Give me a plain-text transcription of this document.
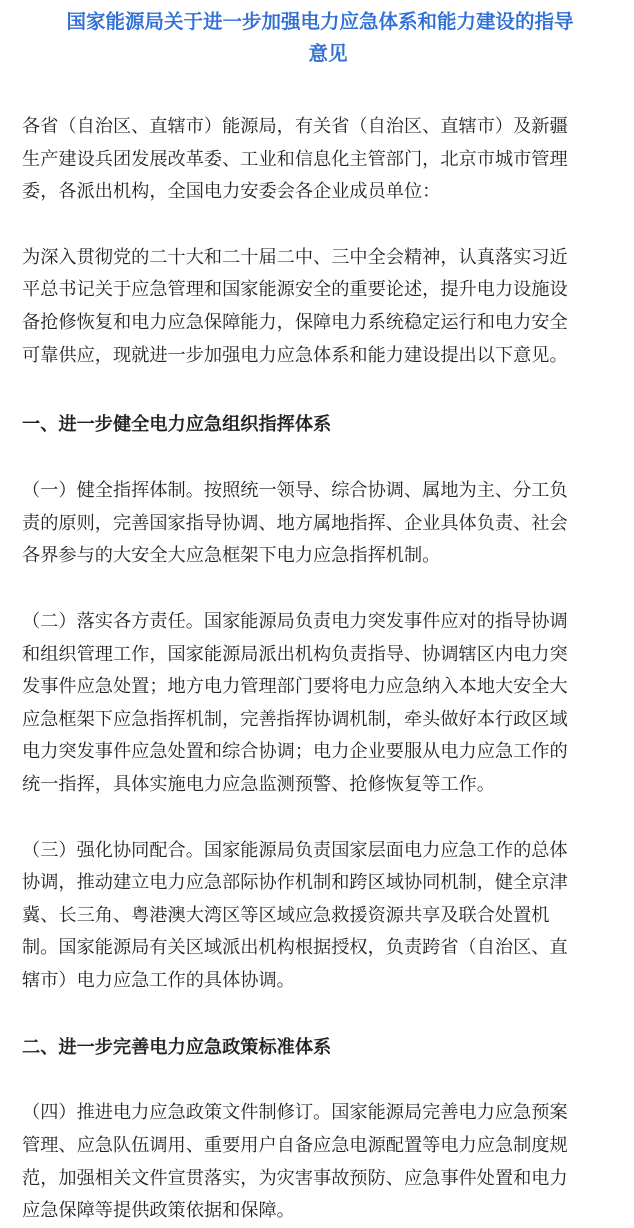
国家能源局关于进一步加强电力应急体系和能力建设的指导
意见

各省（自治区、直辖市）能源局，有关省（自治区、直辖市）及新疆
生产建设兵团发展改革委、工业和信息化主管部门，北京市城市管理
委，各派出机构，全国电力安委会各企业成员单位：

为深入贯彻党的二十大和二十届二中、三中全会精神，认真落实习近
平总书记关于应急管理和国家能源安全的重要论述，提升电力设施设
备抢修恢复和电力应急保障能力，保障电力系统稳定运行和电力安全
可靠供应，现就进一步加强电力应急体系和能力建设提出以下意见。

一、进一步健全电力应急组织指挥体系

（一）健全指挥体制。按照统一领导、综合协调、属地为主、分工负
责的原则，完善国家指导协调、地方属地指挥、企业具体负责、社会
各界参与的大安全大应急框架下电力应急指挥机制。

（二）落实各方责任。国家能源局负责电力突发事件应对的指导协调
和组织管理工作，国家能源局派出机构负责指导、协调辖区内电力突
发事件应急处置；地方电力管理部门要将电力应急纳入本地大安全大
应急框架下应急指挥机制，完善指挥协调机制，牵头做好本行政区域
电力突发事件应急处置和综合协调；电力企业要服从电力应急工作的
统一指挥，具体实施电力应急监测预警、抢修恢复等工作。

（三）强化协同配合。国家能源局负责国家层面电力应急工作的总体
协调，推动建立电力应急部际协作机制和跨区域协同机制，健全京津
冀、长三角、粤港澳大湾区等区域应急救援资源共享及联合处置机
制。国家能源局有关区域派出机构根据授权，负责跨省（自治区、直
辖市）电力应急工作的具体协调。

二、进一步完善电力应急政策标准体系

（四）推进电力应急政策文件制修订。国家能源局完善电力应急预案
管理、应急队伍调用、重要用户自备应急电源配置等电力应急制度规
范，加强相关文件宣贯落实，为灾害事故预防、应急事件处置和电力
应急保障等提供政策依据和保障。
